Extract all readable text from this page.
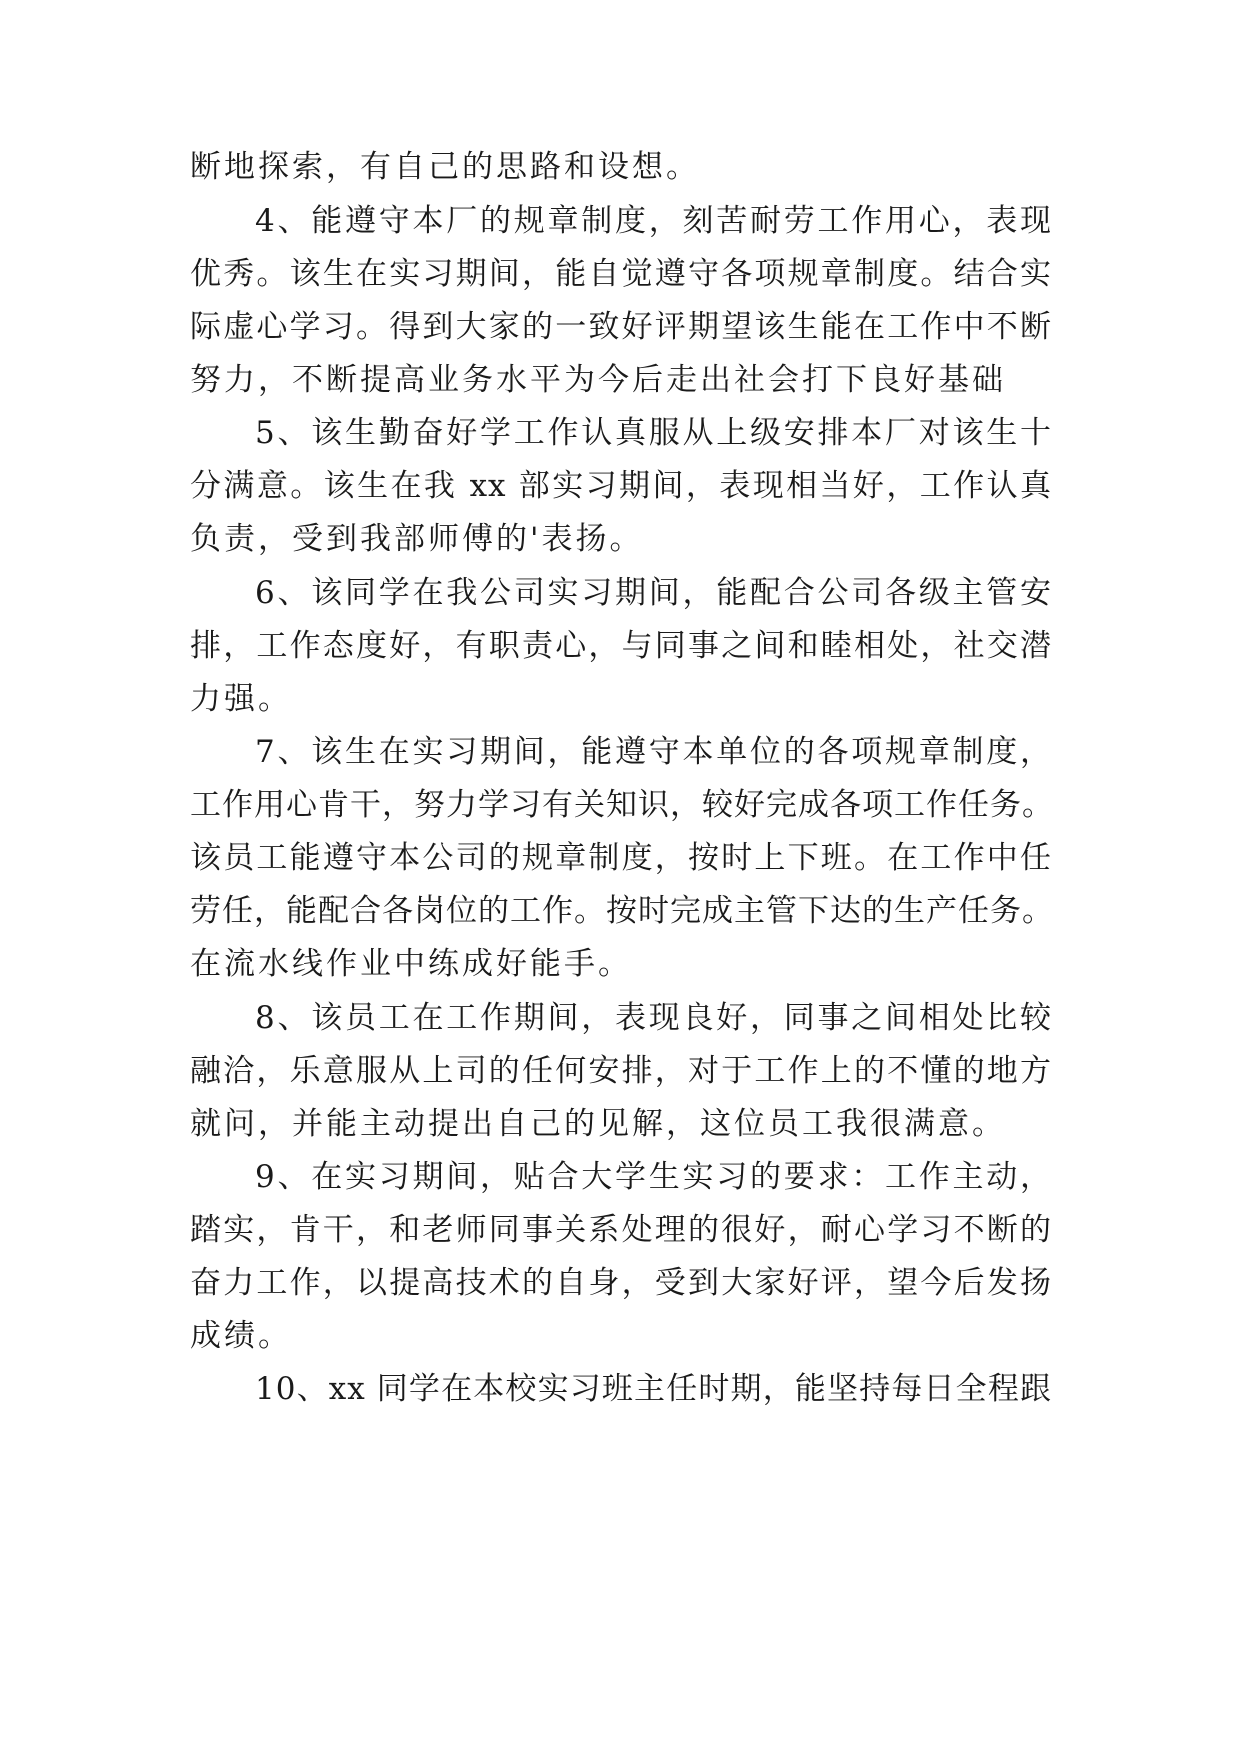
断地探索，有自己的思路和设想。
4、能遵守本厂的规章制度，刻苦耐劳工作用心，表现
优秀。该生在实习期间，能自觉遵守各项规章制度。结合实
际虚心学习。得到大家的一致好评期望该生能在工作中不断
努力，不断提高业务水平为今后走出社会打下良好基础
5、该生勤奋好学工作认真服从上级安排本厂对该生十
分满意。该生在我 xx 部实习期间，表现相当好，工作认真
负责，受到我部师傅的'表扬。
6、该同学在我公司实习期间，能配合公司各级主管安
排，工作态度好，有职责心，与同事之间和睦相处，社交潜
力强。
7、该生在实习期间，能遵守本单位的各项规章制度，
工作用心肯干，努力学习有关知识，较好完成各项工作任务。
该员工能遵守本公司的规章制度，按时上下班。在工作中任
劳任，能配合各岗位的工作。按时完成主管下达的生产任务。
在流水线作业中练成好能手。
8、该员工在工作期间，表现良好，同事之间相处比较
融洽，乐意服从上司的任何安排，对于工作上的不懂的地方
就问，并能主动提出自己的见解，这位员工我很满意。
9、在实习期间，贴合大学生实习的要求：工作主动，
踏实，肯干，和老师同事关系处理的很好，耐心学习不断的
奋力工作，以提高技术的自身，受到大家好评，望今后发扬
成绩。
10、xx 同学在本校实习班主任时期，能坚持每日全程跟
